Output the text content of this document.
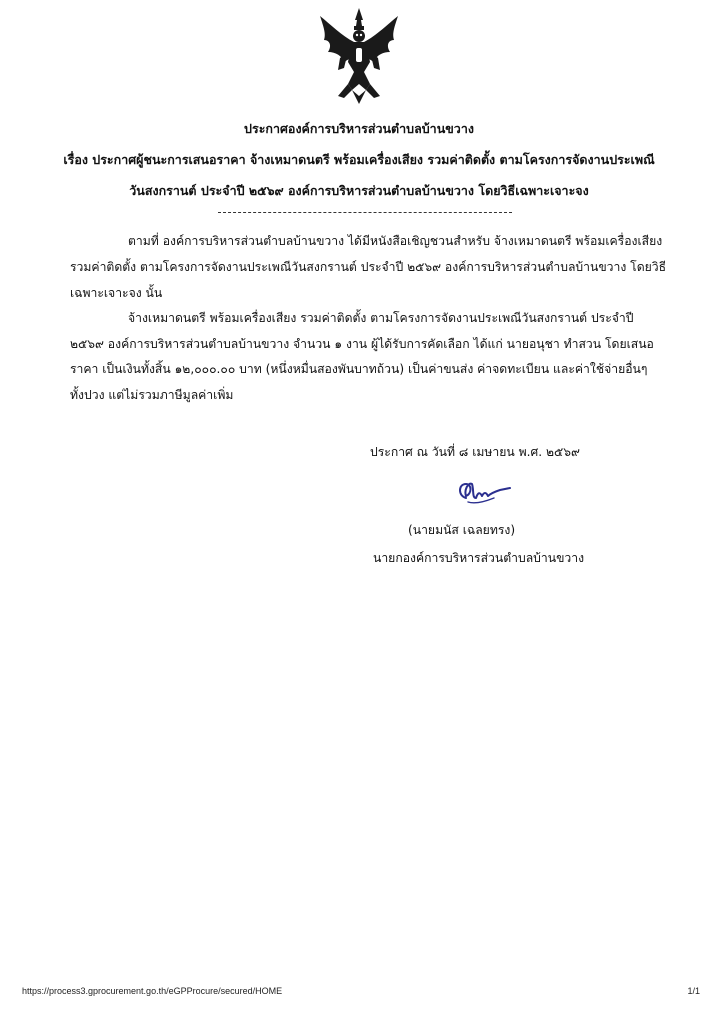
ประกาศองค์การบริหารส่วนตำบลบ้านขวาง
เรื่อง ประกาศผู้ชนะการเสนอราคา จ้างเหมาดนตรี พร้อมเครื่องเสียง รวมค่าติดตั้ง ตามโครงการจัดงานประเพณี
วันสงกรานต์ ประจำปี ๒๕๖๙ องค์การบริหารส่วนตำบลบ้านขวาง โดยวิธีเฉพาะเจาะจง
ตามที่ องค์การบริหารส่วนตำบลบ้านขวาง ได้มีหนังสือเชิญชวนสำหรับ จ้างเหมาดนตรี พร้อมเครื่องเสียง
รวมค่าติดตั้ง ตามโครงการจัดงานประเพณีวันสงกรานต์ ประจำปี ๒๕๖๙ องค์การบริหารส่วนตำบลบ้านขวาง โดยวิธี
เฉพาะเจาะจง นั้น
จ้างเหมาดนตรี พร้อมเครื่องเสียง รวมค่าติดตั้ง ตามโครงการจัดงานประเพณีวันสงกรานต์ ประจำปี
๒๕๖๙ องค์การบริหารส่วนตำบลบ้านขวาง จำนวน ๑ งาน ผู้ได้รับการคัดเลือก ได้แก่ นายอนุชา ทำสวน โดยเสนอ
ราคา เป็นเงินทั้งสิ้น ๑๒,๐๐๐.๐๐ บาท (หนึ่งหมื่นสองพันบาทถ้วน) เป็นค่าขนส่ง ค่าจดทะเบียน และค่าใช้จ่ายอื่นๆ
ทั้งปวง แต่ไม่รวมภาษีมูลค่าเพิ่ม
ประกาศ ณ วันที่ ๘ เมษายน พ.ศ. ๒๕๖๙
(นายมนัส เฉลยทรง)
นายกองค์การบริหารส่วนตำบลบ้านขวาง
https://process3.gprocurement.go.th/eGPProcure/secured/HOME	1/1
